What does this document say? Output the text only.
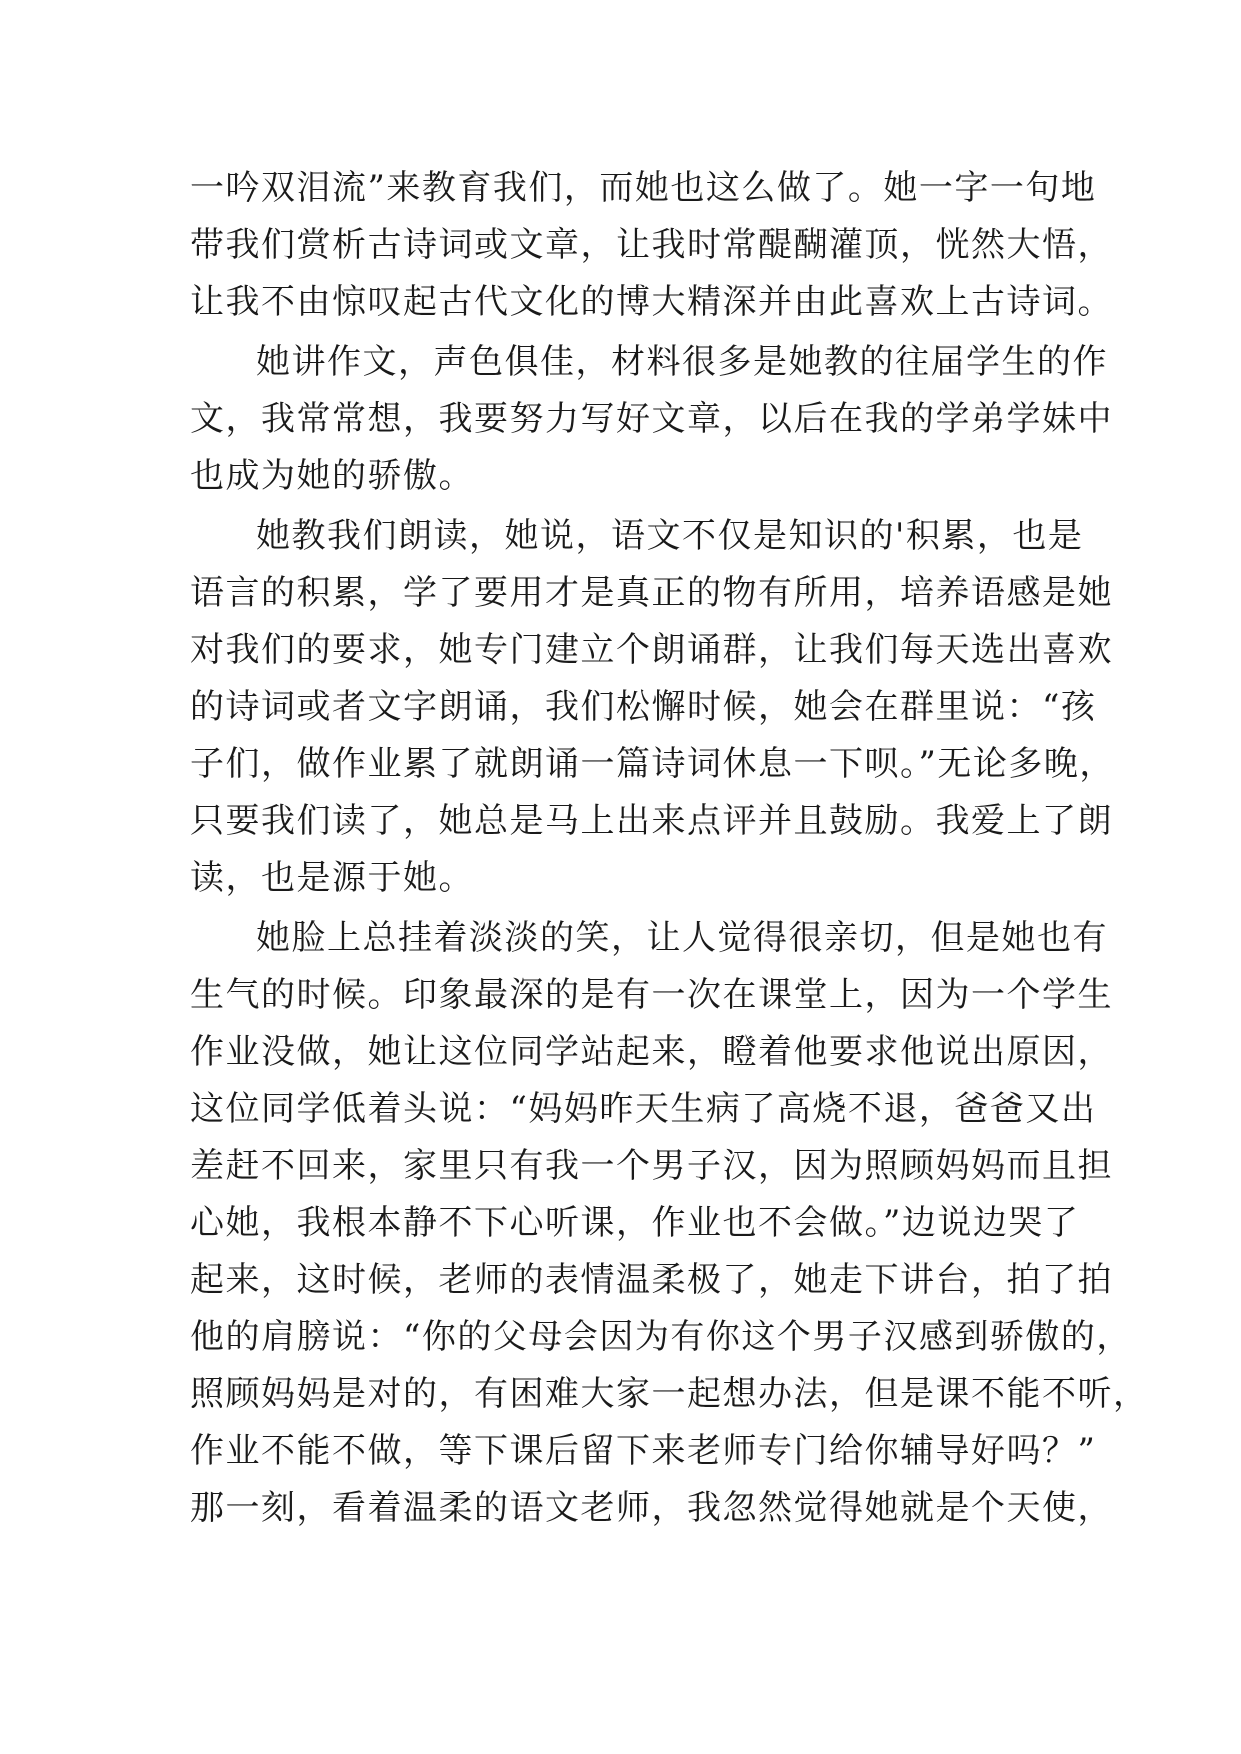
一吟双泪流”来教育我们，而她也这么做了。她一字一句地
带我们赏析古诗词或文章，让我时常醍醐灌顶，恍然大悟，
让我不由惊叹起古代文化的博大精深并由此喜欢上古诗词。
她讲作文，声色俱佳，材料很多是她教的往届学生的作
文，我常常想，我要努力写好文章，以后在我的学弟学妹中
也成为她的骄傲。
她教我们朗读，她说，语文不仅是知识的'积累，也是
语言的积累，学了要用才是真正的物有所用，培养语感是她
对我们的要求，她专门建立个朗诵群，让我们每天选出喜欢
的诗词或者文字朗诵，我们松懈时候，她会在群里说：“孩
子们，做作业累了就朗诵一篇诗词休息一下呗。”无论多晚，
只要我们读了，她总是马上出来点评并且鼓励。我爱上了朗
读，也是源于她。
她脸上总挂着淡淡的笑，让人觉得很亲切，但是她也有
生气的时候。印象最深的是有一次在课堂上，因为一个学生
作业没做，她让这位同学站起来，瞪着他要求他说出原因，
这位同学低着头说：“妈妈昨天生病了高烧不退，爸爸又出
差赶不回来，家里只有我一个男子汉，因为照顾妈妈而且担
心她，我根本静不下心听课，作业也不会做。”边说边哭了
起来，这时候，老师的表情温柔极了，她走下讲台，拍了拍
他的肩膀说：“你的父母会因为有你这个男子汉感到骄傲的，
照顾妈妈是对的，有困难大家一起想办法，但是课不能不听，
作业不能不做，等下课后留下来老师专门给你辅导好吗？”
那一刻，看着温柔的语文老师，我忽然觉得她就是个天使，
